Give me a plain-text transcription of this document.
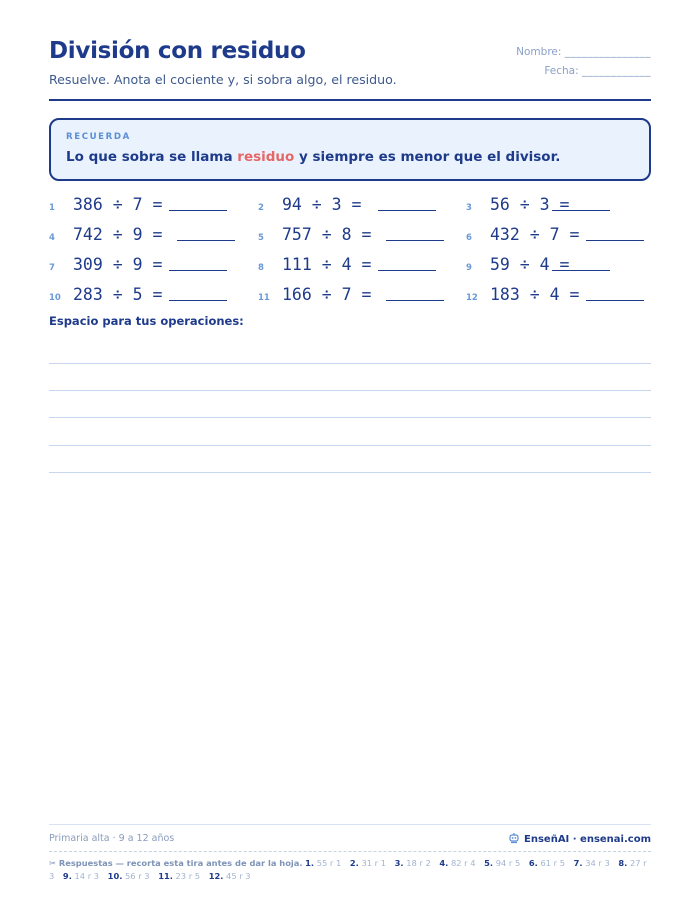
División con residuo
Resuelve. Anota el cociente y, si sobra algo, el residuo.
Nombre: _______________
Fecha: ____________
RECUERDA
Lo que sobra se llama residuo y siempre es menor que el divisor.
1 386 ÷ 7 =	2 94 ÷ 3 =	3 56 ÷ 3 =
4 742 ÷ 9 =	5 757 ÷ 8 =	6 432 ÷ 7 =
7 309 ÷ 9 =	8 111 ÷ 4 =	9 59 ÷ 4 =
10 283 ÷ 5 =	11 166 ÷ 7 =	12 183 ÷ 4 =
Espacio para tus operaciones:
Primaria alta · 9 a 12 años	EnseñAI · ensenai.com
✂ Respuestas — recorta esta tira antes de dar la hoja. 1. 55 r 1 2. 31 r 1 3. 18 r 2 4. 82 r 4 5. 94 r 5 6. 61 r 5 7. 34 r 3 8. 27 r 3 9. 14 r 3 10. 56 r 3 11. 23 r 5 12. 45 r 3
